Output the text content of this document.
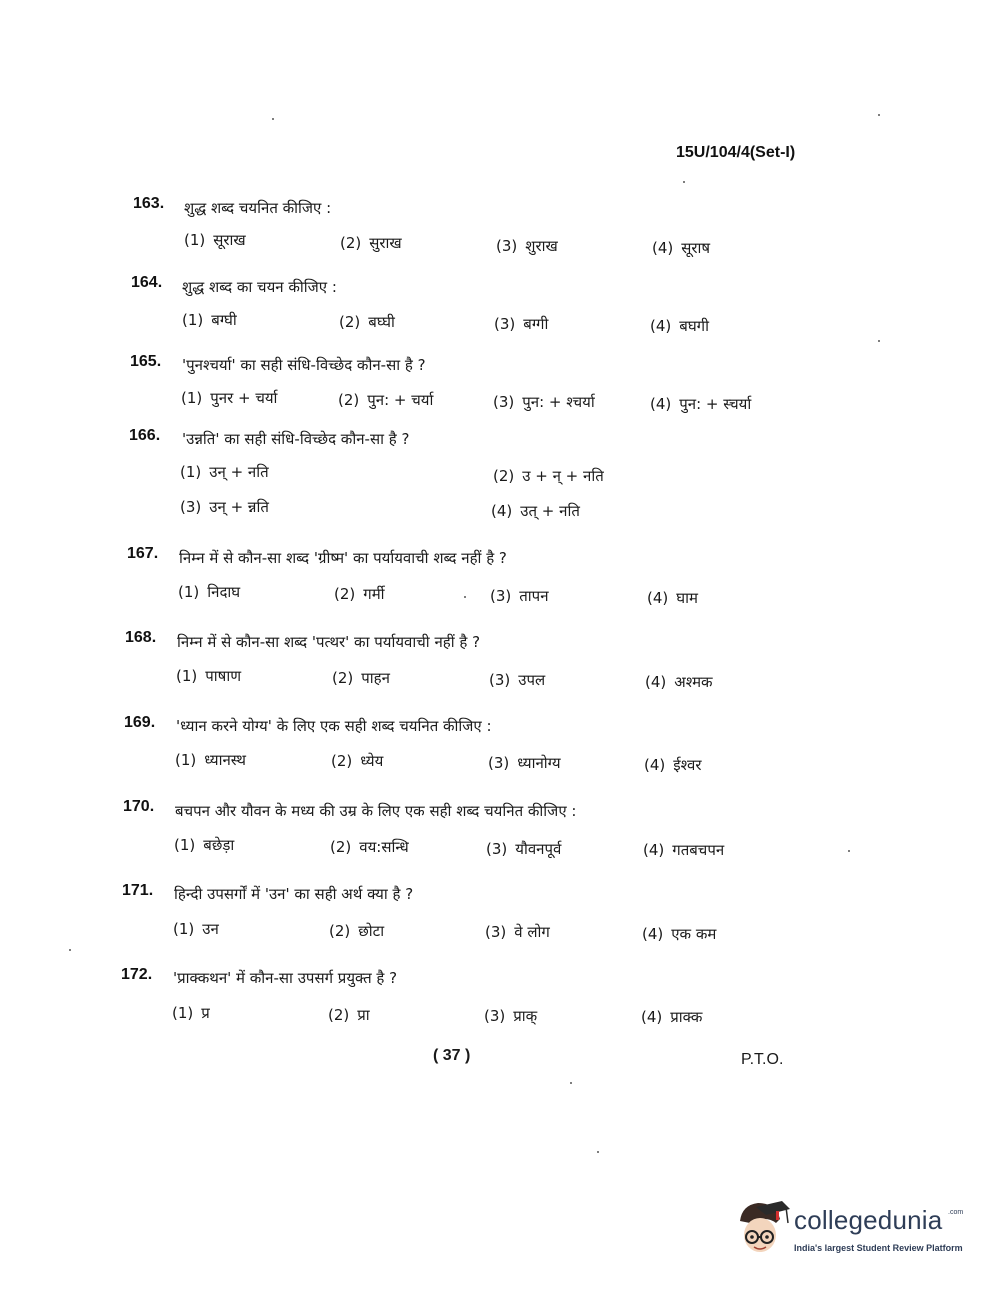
15U/104/4(Set-I)
163. शुद्ध शब्द चयनित कीजिए :
(1) सूराख	(2) सुराख	(3) शुराख	(4) सूराष
164. शुद्ध शब्द का चयन कीजिए :
(1) बग्घी	(2) बघ्घी	(3) बग्गी	(4) बघगी
165. 'पुनश्चर्या' का सही संधि-विच्छेद कौन-सा है ?
(1) पुनर + चर्या	(2) पुन: + चर्या	(3) पुन: + श्चर्या	(4) पुन: + स्चर्या
166. 'उन्नति' का सही संधि-विच्छेद कौन-सा है ?
(1) उन् + नति	(2) उ + न् + नति
(3) उन् + न्नति	(4) उत् + नति
167. निम्न में से कौन-सा शब्द 'ग्रीष्म' का पर्यायवाची शब्द नहीं है ?
(1) निदाघ	(2) गर्मी	(3) तापन	(4) घाम
168. निम्न में से कौन-सा शब्द 'पत्थर' का पर्यायवाची नहीं है ?
(1) पाषाण	(2) पाहन	(3) उपल	(4) अश्मक
169. 'ध्यान करने योग्य' के लिए एक सही शब्द चयनित कीजिए :
(1) ध्यानस्थ	(2) ध्येय	(3) ध्यानोग्य	(4) ईश्वर
170. बचपन और यौवन के मध्य की उम्र के लिए एक सही शब्द चयनित कीजिए :
(1) बछेड़ा	(2) वय:सन्धि	(3) यौवनपूर्व	(4) गतबचपन
171. हिन्दी उपसर्गों में 'उन' का सही अर्थ क्या है ?
(1) उन	(2) छोटा	(3) वे लोग	(4) एक कम
172. 'प्राक्कथन' में कौन-सा उपसर्ग प्रयुक्त है ?
(1) प्र	(2) प्रा	(3) प्राक्	(4) प्राक्क
( 37 )	P.T.O.
collegedunia .com
India's largest Student Review Platform
